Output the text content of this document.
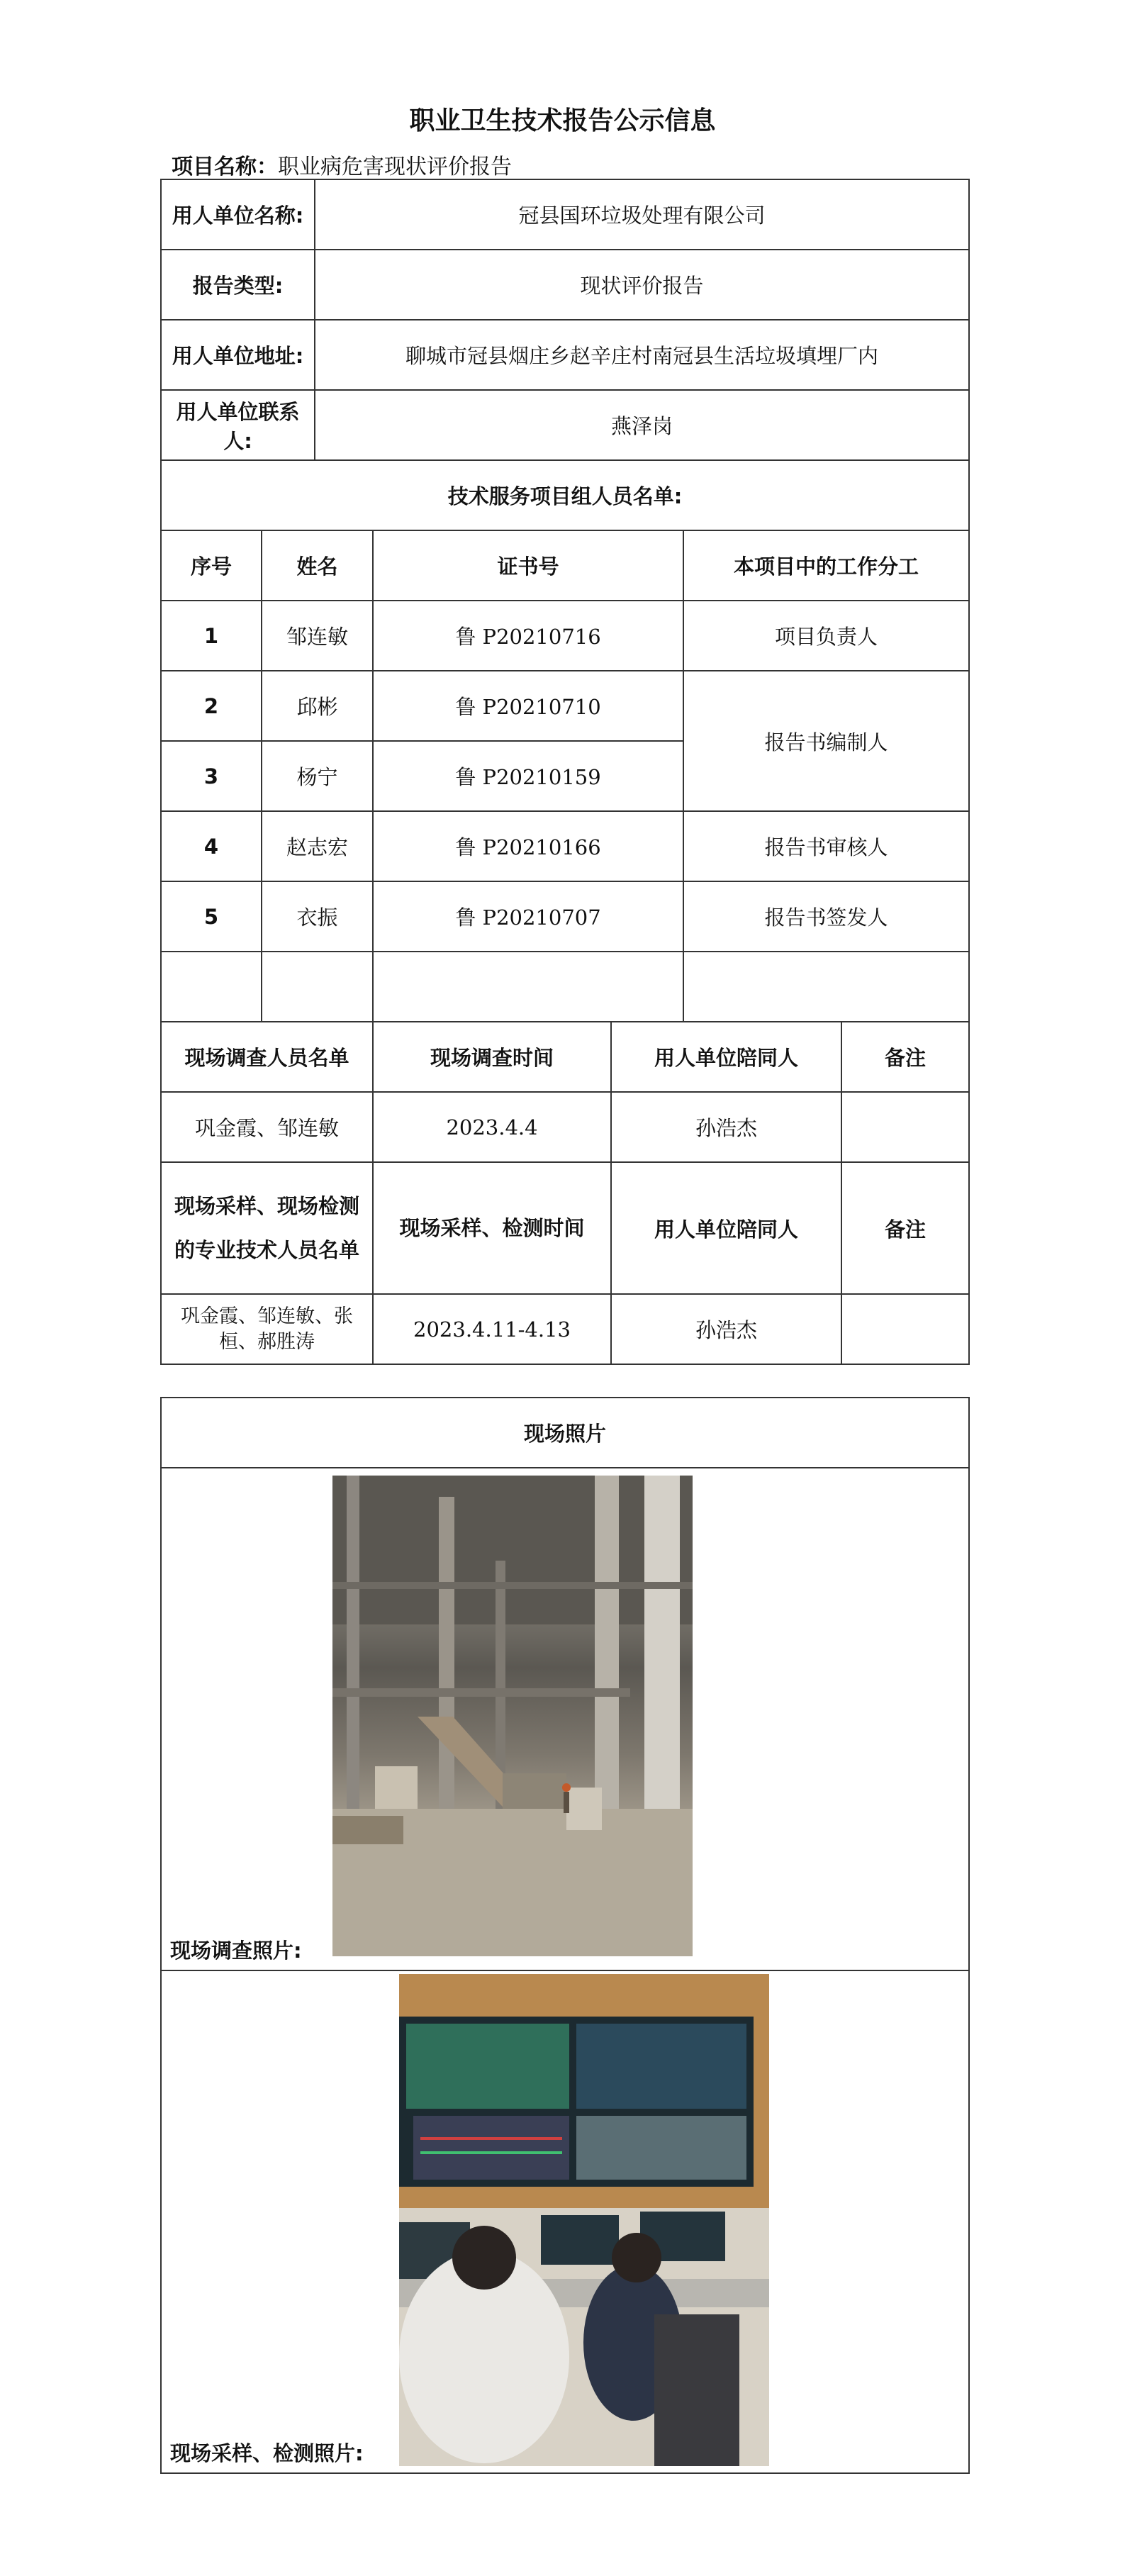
职业卫生技术报告公示信息
项目名称：职业病危害现状评价报告
用人单位名称:		冠县国环垃圾处理有限公司				
报告类型:		现状评价报告				
用人单位地址:		聊城市冠县烟庄乡赵辛庄村南冠县生活垃圾填埋厂内				
用人单位联系人:		燕泽岗				
技术服务项目组人员名单:						
序号	姓名		证书号		本项目中的工作分工	
1	邹连敏		鲁 P20210716		项目负责人	
2	邱彬		鲁 P20210710		报告书编制人	
3	杨宁		鲁 P20210159			
4	赵志宏		鲁 P20210166		报告书审核人	
5	衣振		鲁 P20210707		报告书签发人	

现场调查人员名单			现场调查时间	用人单位陪同人		备注
巩金霞、邹连敏			2023.4.4	孙浩杰		
现场采样、现场检测的专业技术人员名单			现场采样、检测时间	用人单位陪同人		备注
巩金霞、邹连敏、张桓、郝胜涛			2023.4.11-4.13	孙浩杰		
现场照片

现场调查照片:

现场采样、检测照片:
